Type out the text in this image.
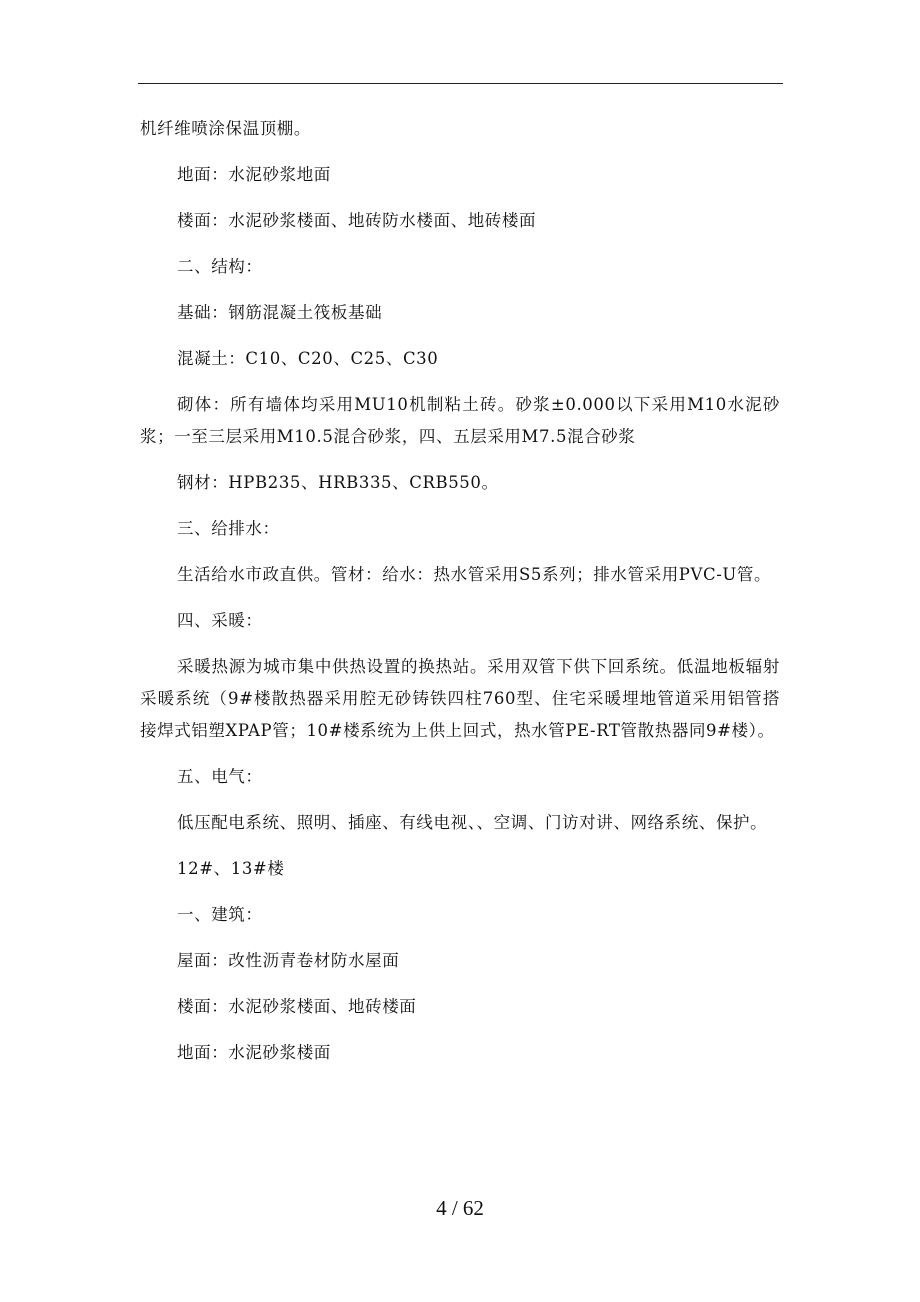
机纤维喷涂保温顶棚。

地面：水泥砂浆地面

楼面：水泥砂浆楼面、地砖防水楼面、地砖楼面

二、结构：

基础：钢筋混凝土筏板基础

混凝土：C10、C20、C25、C30

砌体：所有墙体均采用MU10机制粘土砖。砂浆±0.000以下采用M10水泥砂浆；一至三层采用M10.5混合砂浆，四、五层采用M7.5混合砂浆

钢材：HPB235、HRB335、CRB550。

三、给排水：

生活给水市政直供。管材：给水：热水管采用S5系列；排水管采用PVC-U管。

四、采暖：

采暖热源为城市集中供热设置的换热站。采用双管下供下回系统。低温地板辐射采暖系统（9#楼散热器采用腔无砂铸铁四柱760型、住宅采暖埋地管道采用铝管搭接焊式铝塑XPAP管；10#楼系统为上供上回式，热水管PE-RT管散热器同9#楼）。

五、电气：

低压配电系统、照明、插座、有线电视、、空调、门访对讲、网络系统、保护。

12#、13#楼

一、建筑：

屋面：改性沥青卷材防水屋面

楼面：水泥砂浆楼面、地砖楼面

地面：水泥砂浆楼面

4 / 62
